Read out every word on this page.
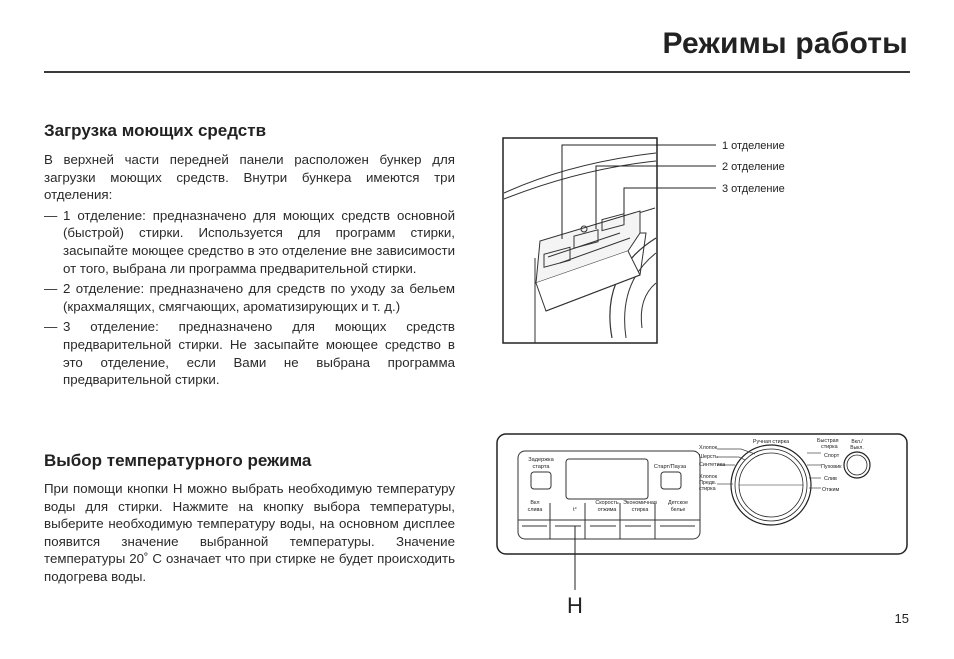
Режимы работы
Загрузка моющих средств

В верхней части передней панели расположен бункер для загрузки моющих средств. Внутри бункера имеются три отделения:

— 1 отделение: предназначено для моющих средств основной (быстрой) стирки. Используется для программ стирки, засыпайте моющее средство в это отделение вне зависимости от того, выбрана ли программа предварительной стирки.
— 2 отделение: предназначено для средств по уходу за бельем (крахмалящих, смягчающих, ароматизирующих и т. д.)
— 3 отделение: предназначено для моющих средств предварительной стирки. Не засыпайте моющее средство в это отделение, если Вами не выбрана программа предварительной стирки.
Выбор температурного режима

При помощи кнопки Н можно выбрать необходимую температуру воды для стирки. Нажмите на кнопку выбора температуры, выберите необходимую температуру воды, на основном дисплее появится значение выбранной температуры. Значение температуры 20˚ С означает что при стирке не будет происходить подогрева воды.

1 отделение
2 отделение
3 отделение
Задержка
старта	Старт/Пауза
Вкл
слива	t°
Скорость
отжима
Экономичная
стирка
Детское
белье
Хлопок
Шерсть
Синтетика
Хлопок
Предв.
стирка
Ручная стирка	Быстрая
стирка
Спорт
Пуховик
Слив
Отжим
Вкл./
Выкл.
Н
15
